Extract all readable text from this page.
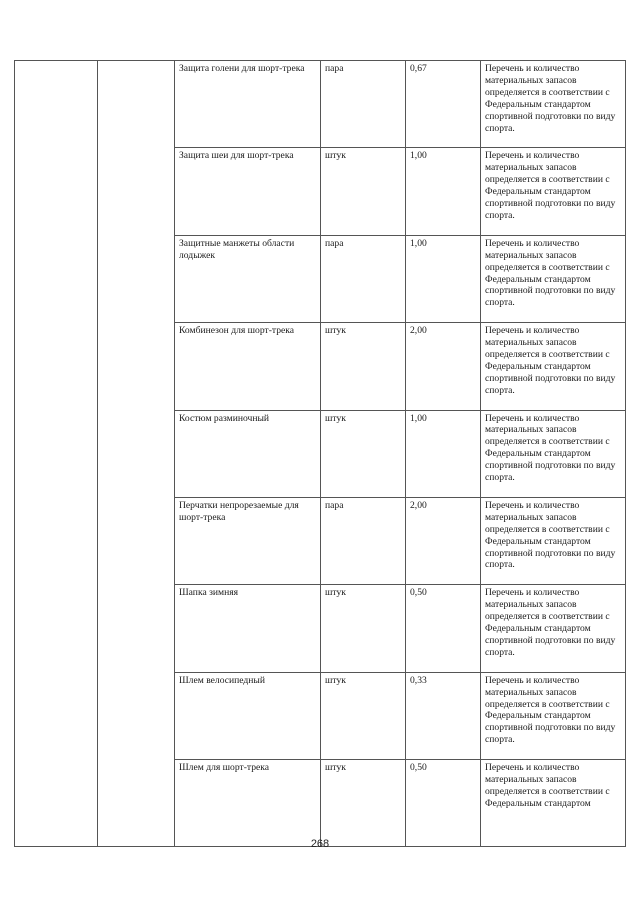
		Защита голени для шорт-трека	пара	0,67	Перечень и количество материальных запасов определяется в соответствии с Федеральным стандартом спортивной подготовки по виду спорта.
		Защита шеи для шорт-трека	штук	1,00	Перечень и количество материальных запасов определяется в соответствии с Федеральным стандартом спортивной подготовки по виду спорта.
		Защитные манжеты области лодыжек	пара	1,00	Перечень и количество материальных запасов определяется в соответствии с Федеральным стандартом спортивной подготовки по виду спорта.
		Комбинезон для шорт-трека	штук	2,00	Перечень и количество материальных запасов определяется в соответствии с Федеральным стандартом спортивной подготовки по виду спорта.
		Костюм разминочный	штук	1,00	Перечень и количество материальных запасов определяется в соответствии с Федеральным стандартом спортивной подготовки по виду спорта.
		Перчатки непрорезаемые для шорт-трека	пара	2,00	Перечень и количество материальных запасов определяется в соответствии с Федеральным стандартом спортивной подготовки по виду спорта.
		Шапка зимняя	штук	0,50	Перечень и количество материальных запасов определяется в соответствии с Федеральным стандартом спортивной подготовки по виду спорта.
		Шлем велосипедный	штук	0,33	Перечень и количество материальных запасов определяется в соответствии с Федеральным стандартом спортивной подготовки по виду спорта.
		Шлем для шорт-трека	штук	0,50	Перечень и количество материальных запасов определяется в соответствии с Федеральным стандартом
268
